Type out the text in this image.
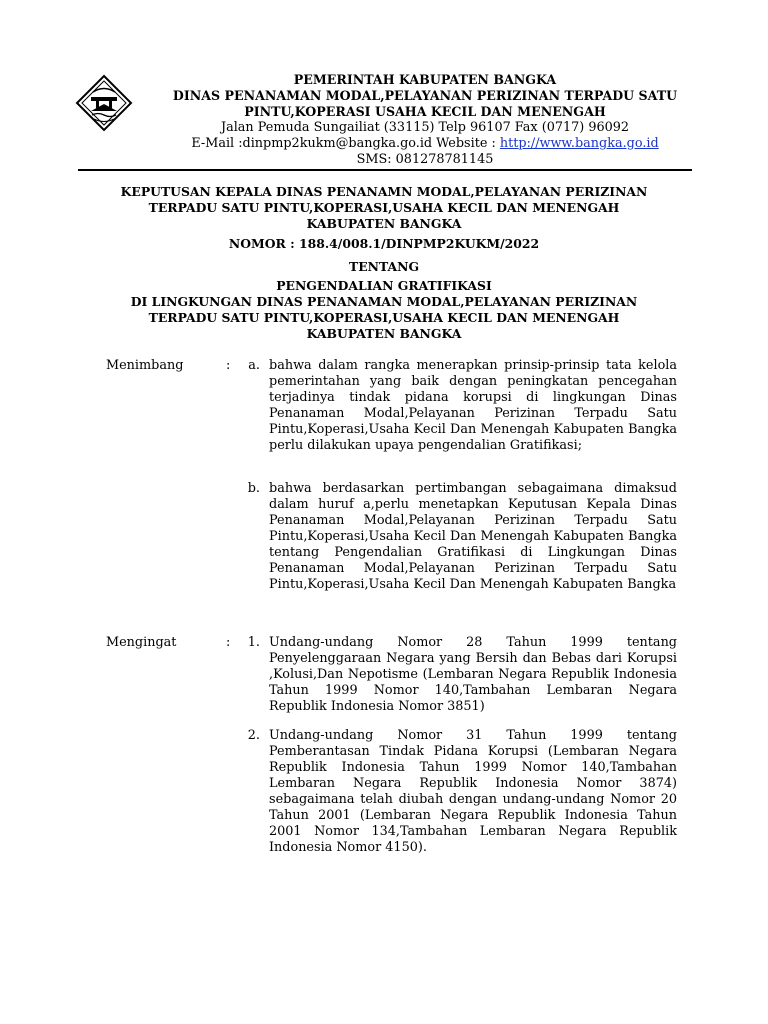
PEMERINTAH KABUPATEN BANGKA
DINAS PENANAMAN MODAL,PELAYANAN PERIZINAN TERPADU SATU
PINTU,KOPERASI USAHA KECIL DAN MENENGAH
Jalan Pemuda Sungailiat (33115) Telp 96107 Fax (0717) 96092
E-Mail :dinpmp2kukm@bangka.go.id Website : http://www.bangka.go.id
SMS: 081278781145
KEPUTUSAN KEPALA DINAS PENANAMN MODAL,PELAYANAN PERIZINAN
TERPADU SATU PINTU,KOPERASI,USAHA KECIL DAN MENENGAH
KABUPATEN BANGKA
NOMOR : 188.4/008.1/DINPMP2KUKM/2022
TENTANG
PENGENDALIAN GRATIFIKASI
DI LINGKUNGAN DINAS PENANAMAN MODAL,PELAYANAN PERIZINAN
TERPADU SATU PINTU,KOPERASI,USAHA KECIL DAN MENENGAH
KABUPATEN BANGKA
Menimbang	:	a. bahwa dalam rangka menerapkan prinsip-prinsip tata kelola pemerintahan yang baik dengan peningkatan pencegahan terjadinya tindak pidana korupsi di lingkungan Dinas Penanaman Modal,Pelayanan Perizinan Terpadu Satu Pintu,Koperasi,Usaha Kecil Dan Menengah Kabupaten Bangka perlu dilakukan upaya pengendalian Gratifikasi;
b. bahwa berdasarkan pertimbangan sebagaimana dimaksud dalam huruf a,perlu menetapkan Keputusan Kepala Dinas Penanaman Modal,Pelayanan Perizinan Terpadu Satu Pintu,Koperasi,Usaha Kecil Dan Menengah Kabupaten Bangka tentang Pengendalian Gratifikasi di Lingkungan Dinas Penanaman Modal,Pelayanan Perizinan Terpadu Satu Pintu,Koperasi,Usaha Kecil Dan Menengah Kabupaten Bangka
Mengingat	:	1. Undang-undang Nomor 28 Tahun 1999 tentang Penyelenggaraan Negara yang Bersih dan Bebas dari Korupsi ,Kolusi,Dan Nepotisme (Lembaran Negara Republik Indonesia Tahun 1999 Nomor 140,Tambahan Lembaran Negara Republik Indonesia Nomor 3851)
2. Undang-undang Nomor 31 Tahun 1999 tentang Pemberantasan Tindak Pidana Korupsi (Lembaran Negara Republik Indonesia Tahun 1999 Nomor 140,Tambahan Lembaran Negara Republik Indonesia Nomor 3874) sebagaimana telah diubah dengan undang-undang Nomor 20 Tahun 2001 (Lembaran Negara Republik Indonesia Tahun 2001 Nomor 134,Tambahan Lembaran Negara Republik Indonesia Nomor 4150).
